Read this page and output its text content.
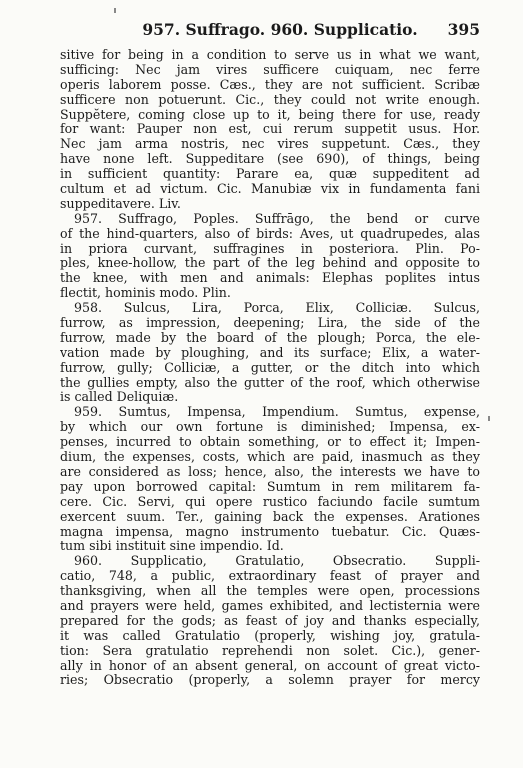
957. Suffrago. 960. Supplicatio.	395
sitive for being in a condition to serve us in what we want,
sufficing: Nec jam vires sufficere cuiquam, nec ferre
operis laborem posse. Cæs., they are not sufficient. Scribæ
sufficere non potuerunt. Cic., they could not write enough.
Suppĕtere, coming close up to it, being there for use, ready
for want: Pauper non est, cui rerum suppetit usus. Hor.
Nec jam arma nostris, nec vires suppetunt. Cæs., they
have none left. Suppeditare (see 690), of things, being
in sufficient quantity: Parare ea, quæ suppeditent ad
cultum et ad victum. Cic. Manubiæ vix in fundamenta fani
suppeditavere. Liv.
957. Suffrago, Poples. Suffrāgo, the bend or curve
of the hind-quarters, also of birds: Aves, ut quadrupedes, alas
in priora curvant, suffragines in posteriora. Plin. Po-
ples, knee-hollow, the part of the leg behind and opposite to
the knee, with men and animals: Elephas poplites intus
flectit, hominis modo. Plin.
958. Sulcus, Lira, Porca, Elix, Colliciæ. Sulcus,
furrow, as impression, deepening; Lira, the side of the
furrow, made by the board of the plough; Porca, the ele-
vation made by ploughing, and its surface; Elix, a water-
furrow, gully; Colliciæ, a gutter, or the ditch into which
the gullies empty, also the gutter of the roof, which otherwise
is called Deliquiæ.
959. Sumtus, Impensa, Impendium. Sumtus, expense,
by which our own fortune is diminished; Impensa, ex-
penses, incurred to obtain something, or to effect it; Impen-
dium, the expenses, costs, which are paid, inasmuch as they
are considered as loss; hence, also, the interests we have to
pay upon borrowed capital: Sumtum in rem militarem fa-
cere. Cic. Servi, qui opere rustico faciundo facile sumtum
exercent suum. Ter., gaining back the expenses. Arationes
magna impensa, magno instrumento tuebatur. Cic. Quæs-
tum sibi instituit sine impendio. Id.
960. Supplicatio, Gratulatio, Obsecratio. Suppli-
catio, 748, a public, extraordinary feast of prayer and
thanksgiving, when all the temples were open, processions
and prayers were held, games exhibited, and lectisternia were
prepared for the gods; as feast of joy and thanks especially,
it was called Gratulatio (properly, wishing joy, gratula-
tion: Sera gratulatio reprehendi non solet. Cic.), gener-
ally in honor of an absent general, on account of great victo-
ries; Obsecratio (properly, a solemn prayer for mercy
